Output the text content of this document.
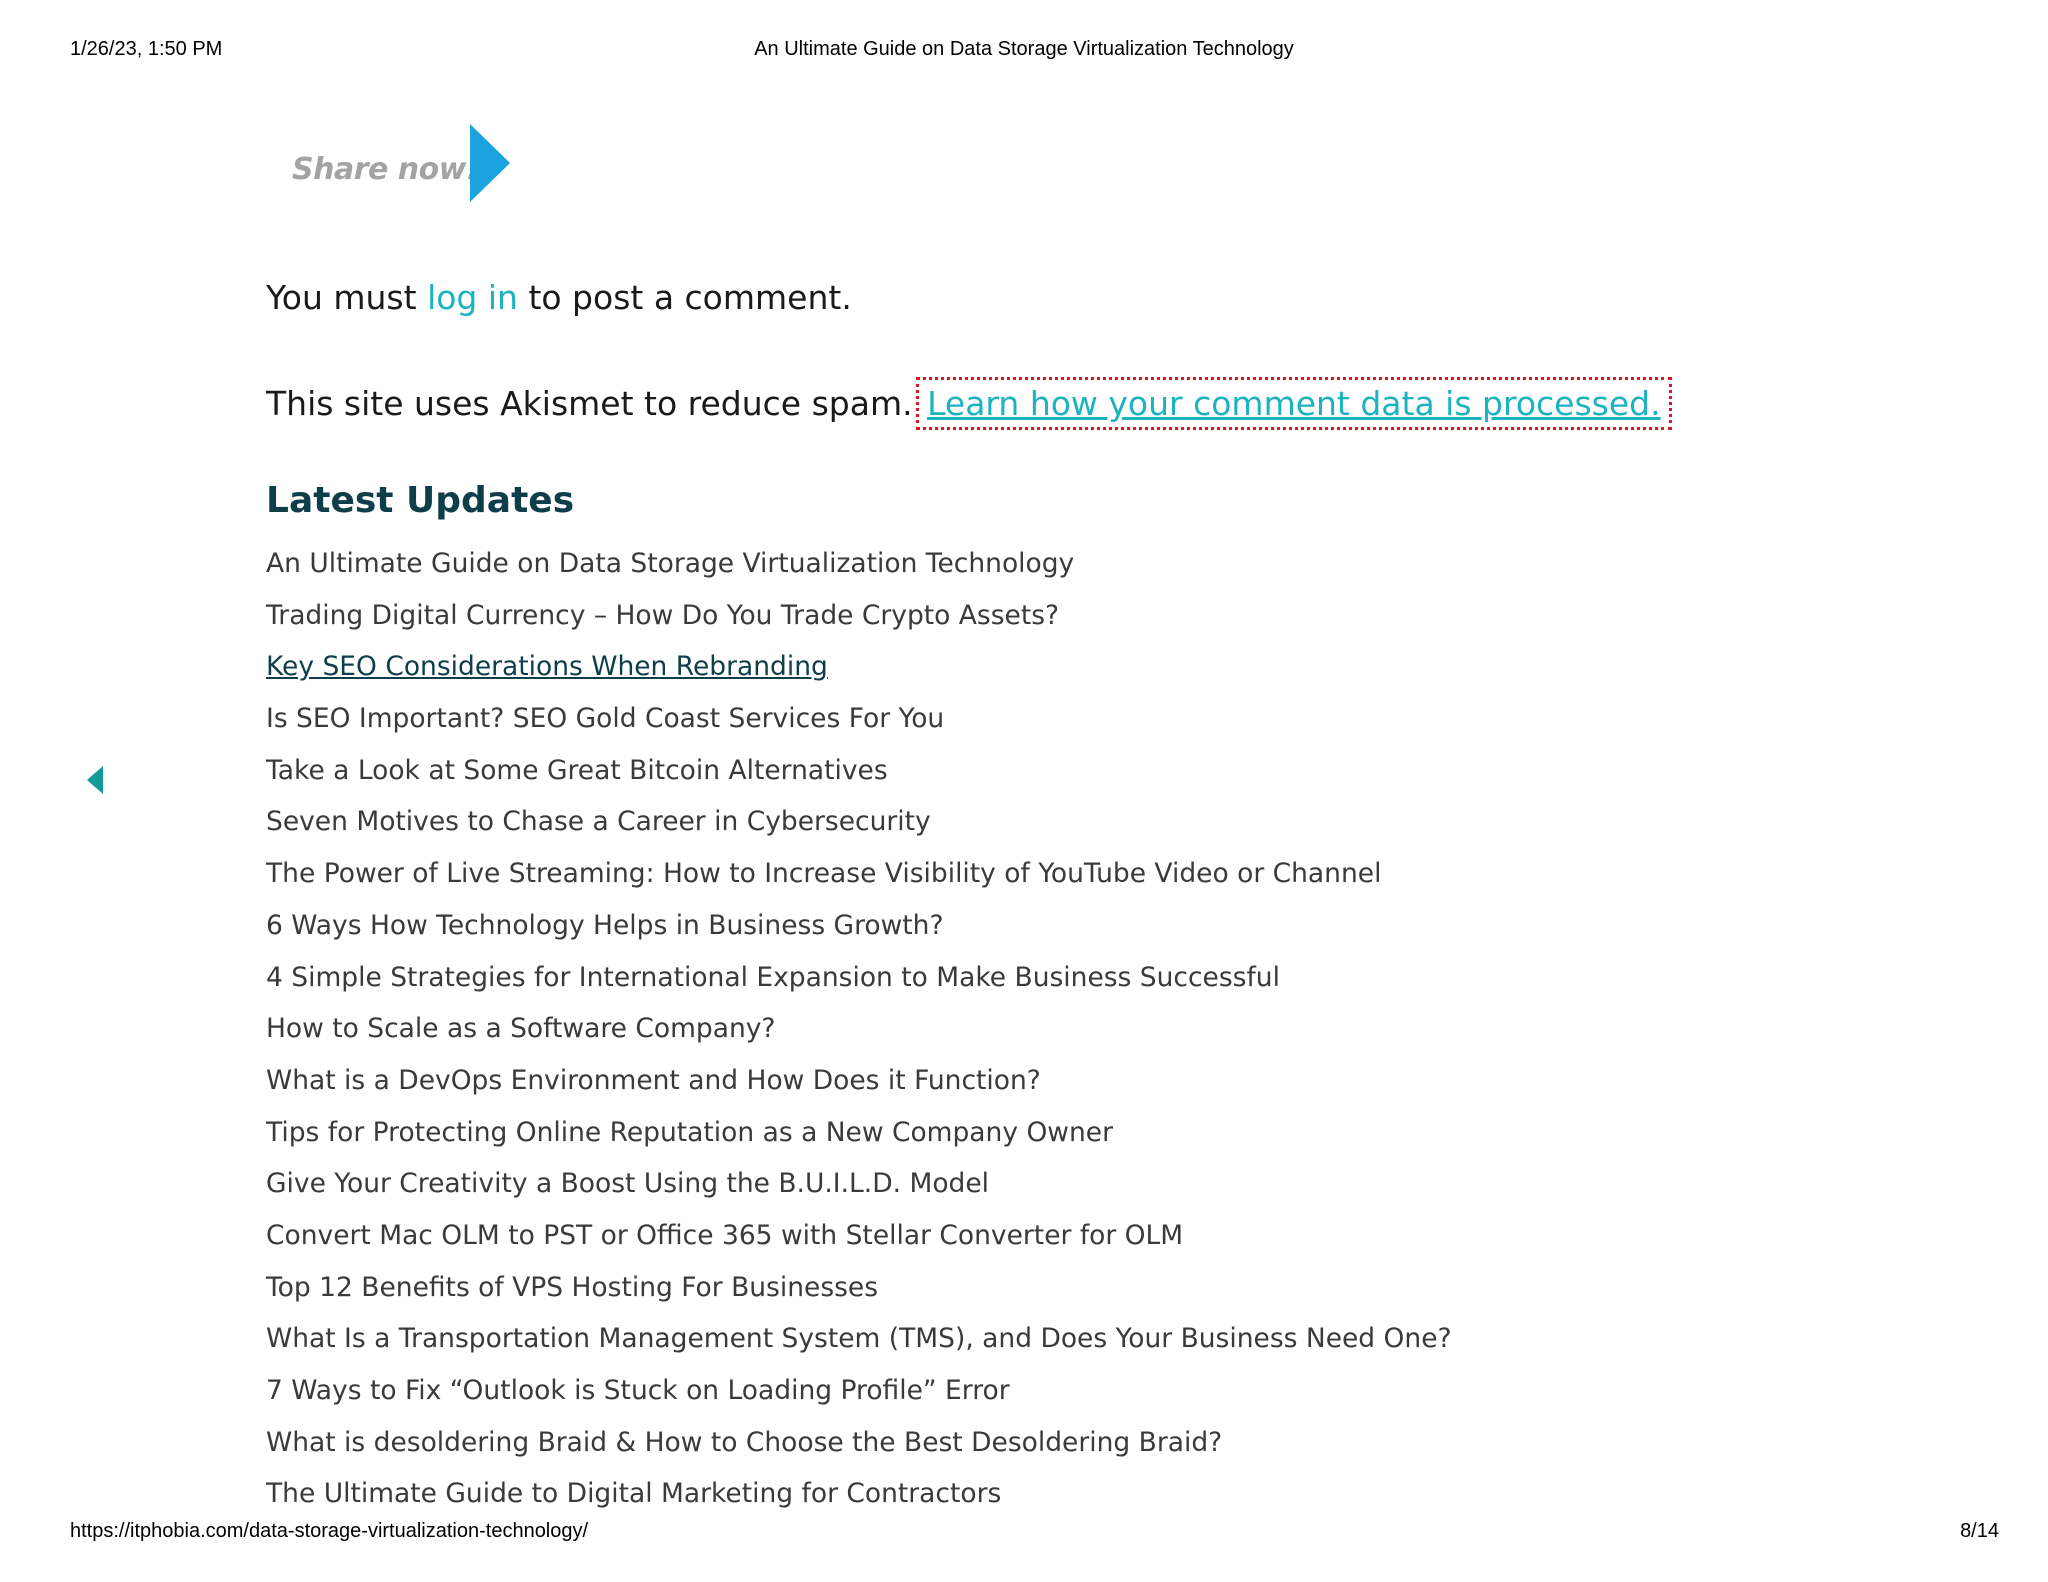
1/26/23, 1:50 PM	An Ultimate Guide on Data Storage Virtualization Technology
Share now!

You must log in to post a comment.

This site uses Akismet to reduce spam. Learn how your comment data is processed.

Latest Updates
An Ultimate Guide on Data Storage Virtualization Technology
Trading Digital Currency – How Do You Trade Crypto Assets?
Key SEO Considerations When Rebranding
Is SEO Important? SEO Gold Coast Services For You
Take a Look at Some Great Bitcoin Alternatives
Seven Motives to Chase a Career in Cybersecurity
The Power of Live Streaming: How to Increase Visibility of YouTube Video or Channel
6 Ways How Technology Helps in Business Growth?
4 Simple Strategies for International Expansion to Make Business Successful
How to Scale as a Software Company?
What is a DevOps Environment and How Does it Function?
Tips for Protecting Online Reputation as a New Company Owner
Give Your Creativity a Boost Using the B.U.I.L.D. Model
Convert Mac OLM to PST or Office 365 with Stellar Converter for OLM
Top 12 Benefits of VPS Hosting For Businesses
What Is a Transportation Management System (TMS), and Does Your Business Need One?
7 Ways to Fix “Outlook is Stuck on Loading Profile” Error
What is desoldering Braid & How to Choose the Best Desoldering Braid?
The Ultimate Guide to Digital Marketing for Contractors
https://itphobia.com/data-storage-virtualization-technology/	8/14
